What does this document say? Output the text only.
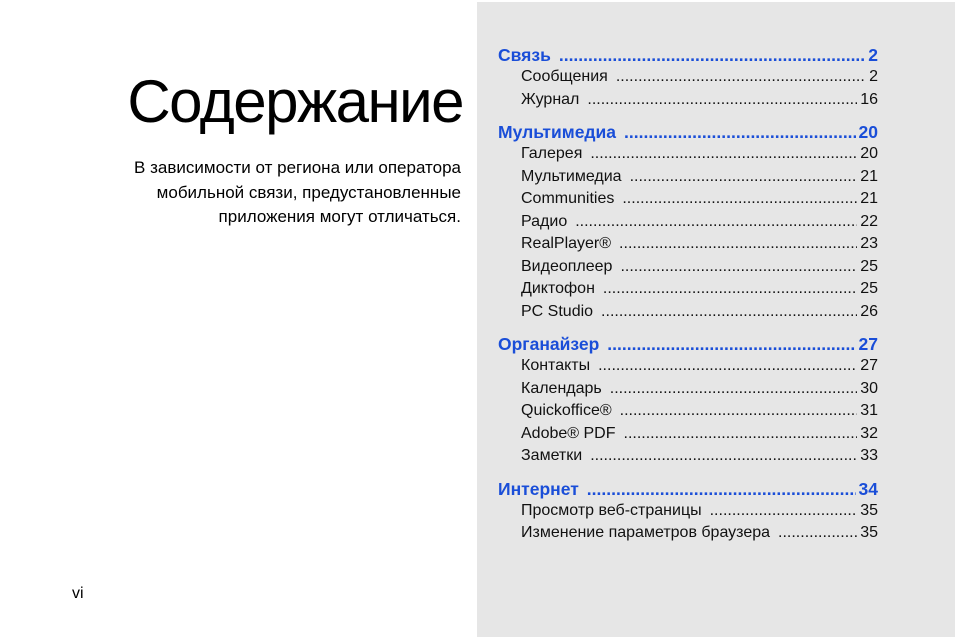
Содержание

В зависимости от региона или оператора мобильной связи, предустановленные приложения могут отличаться.

vi
Связь .....	2
Сообщения .....	2
Журнал .....	16
Мультимедиа .....	20
Галерея .....	20
Мультимедиа .....	21
Communities .....	21
Радио .....	22
RealPlayer® .....	23
Видеоплеер .....	25
Диктофон .....	25
PC Studio .....	26
Органайзер .....	27
Контакты .....	27
Календарь .....	30
Quickoffice® .....	31
Adobe® PDF .....	32
Заметки .....	33
Интернет .....	34
Просмотр веб-страницы .....	35
Изменение параметров браузера .....	35
